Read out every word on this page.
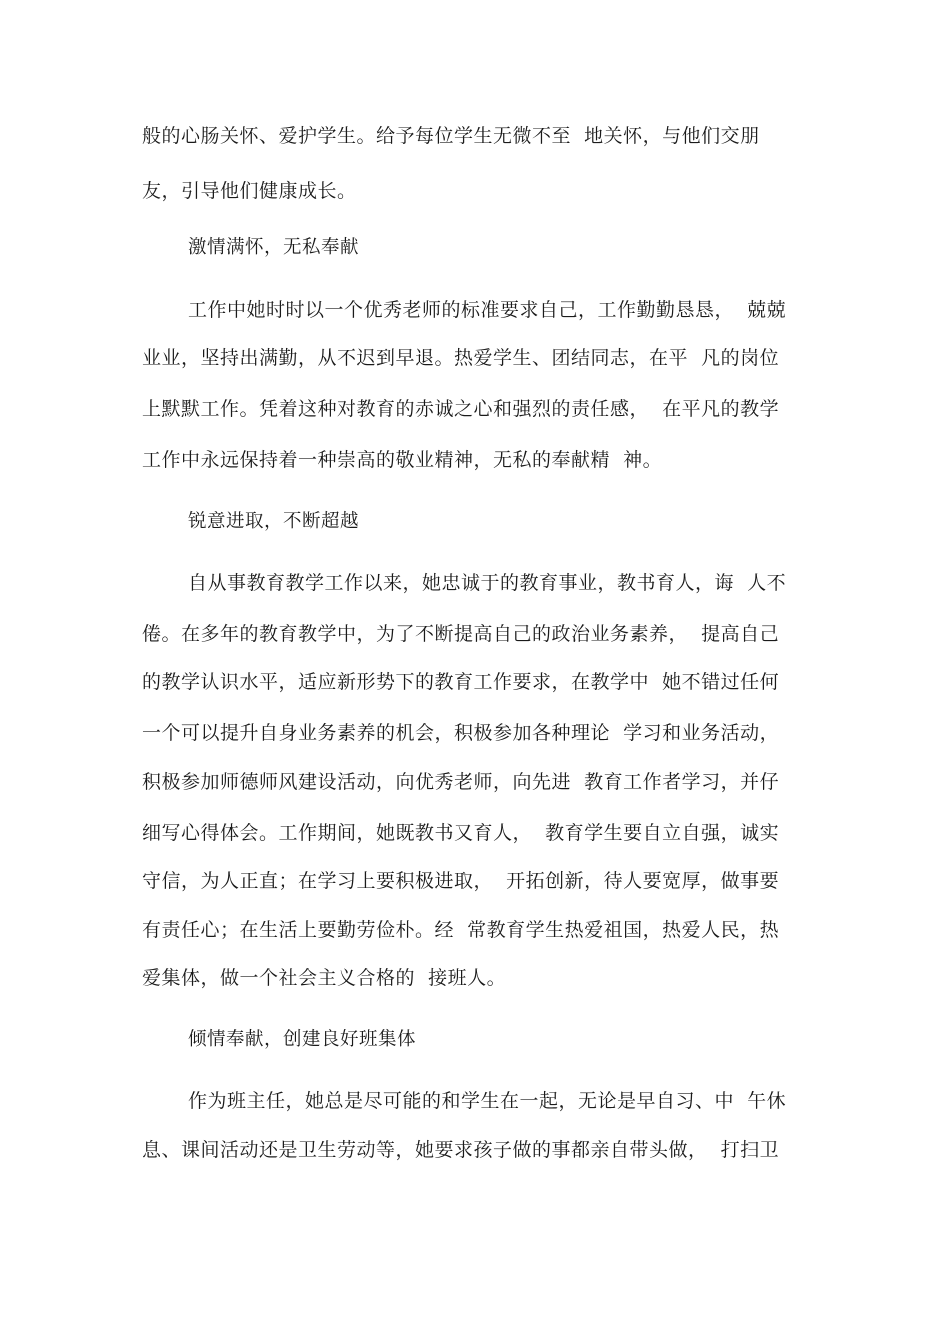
般的心肠关怀、爱护学生。给予每位学生无微不至  地关怀，与他们交朋
友，引导他们健康成长。
激情满怀，无私奉献
工作中她时时以一个优秀老师的标准要求自己，工作勤勤恳恳，  兢兢
业业，坚持出满勤，从不迟到早退。热爱学生、团结同志，在平  凡的岗位
上默默工作。凭着这种对教育的赤诚之心和强烈的责任感，  在平凡的教学
工作中永远保持着一种崇高的敬业精神，无私的奉献精  神。
锐意进取，不断超越
自从事教育教学工作以来，她忠诚于的教育事业，教书育人，诲  人不
倦。在多年的教育教学中，为了不断提高自己的政治业务素养，  提高自己
的教学认识水平，适应新形势下的教育工作要求，在教学中  她不错过任何
一个可以提升自身业务素养的机会，积极参加各种理论  学习和业务活动，
积极参加师德师风建设活动，向优秀老师，向先进  教育工作者学习，并仔
细写心得体会。工作期间，她既教书又育人，  教育学生要自立自强，诚实
守信，为人正直；在学习上要积极进取，  开拓创新，待人要宽厚，做事要
有责任心；在生活上要勤劳俭朴。经  常教育学生热爱祖国，热爱人民，热
爱集体，做一个社会主义合格的  接班人。
倾情奉献，创建良好班集体
作为班主任，她总是尽可能的和学生在一起，无论是早自习、中  午休
息、课间活动还是卫生劳动等，她要求孩子做的事都亲自带头做，  打扫卫
